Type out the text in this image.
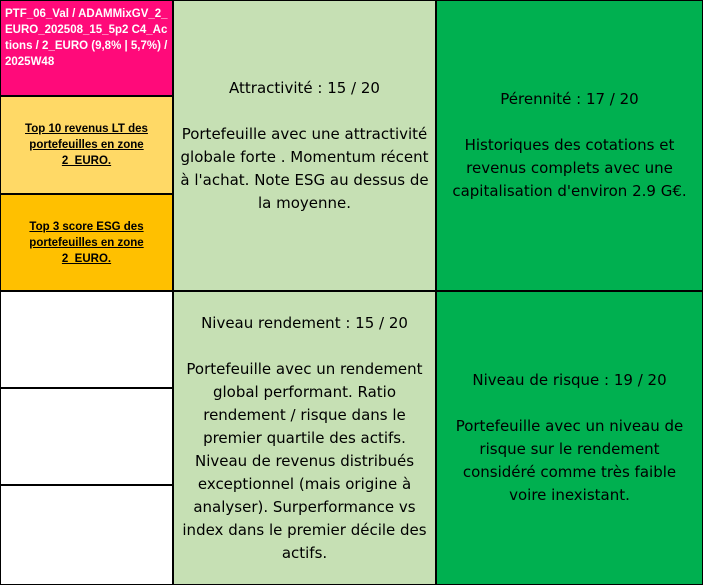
PTF_06_Val / ADAMMixGV_2_EURO_202508_15_5p2 C4_Actions / 2_EURO (9,8% | 5,7%) / 2025W48
Top 10 revenus LT des portefeuilles en zone 2_EURO.
Top 3 score ESG des portefeuilles en zone 2_EURO.
Attractivité : 15 / 20
Portefeuille avec une attractivité globale forte . Momentum récent à l'achat. Note ESG au dessus de la moyenne.
Pérennité : 17 / 20
Historiques des cotations et revenus complets avec une capitalisation d'environ 2.9 G€.
Niveau rendement : 15 / 20
Portefeuille avec un rendement global performant. Ratio rendement / risque dans le premier quartile des actifs. Niveau de revenus distribués exceptionnel (mais origine à analyser). Surperformance vs index dans le premier décile des actifs.
Niveau de risque : 19 / 20
Portefeuille avec un niveau de risque sur le rendement considéré comme très faible voire inexistant.
